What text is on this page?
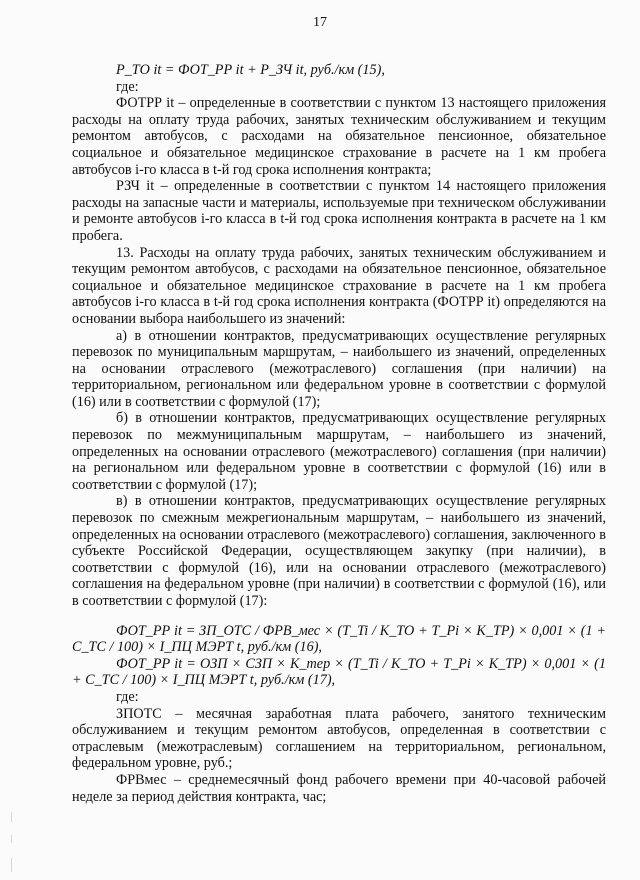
17

Р_ТО it = ФОТ_РР it + Р_ЗЧ it, руб./км (15),

где:

ФОТРР it – определенные в соответствии с пунктом 13 настоящего приложения расходы на оплату труда рабочих, занятых техническим обслуживанием и текущим ремонтом автобусов, с расходами на обязательное пенсионное, обязательное социальное и обязательное медицинское страхование в расчете на 1 км пробега автобусов i-го класса в t-й год срока исполнения контракта;

РЗЧ it – определенные в соответствии с пунктом 14 настоящего приложения расходы на запасные части и материалы, используемые при техническом обслуживании и ремонте автобусов i-го класса в t-й год срока исполнения контракта в расчете на 1 км пробега.

13. Расходы на оплату труда рабочих, занятых техническим обслуживанием и текущим ремонтом автобусов, с расходами на обязательное пенсионное, обязательное социальное и обязательное медицинское страхование в расчете на 1 км пробега автобусов i-го класса в t-й год срока исполнения контракта (ФОТРР it) определяются на основании выбора наибольшего из значений:

а) в отношении контрактов, предусматривающих осуществление регулярных перевозок по муниципальным маршрутам, – наибольшего из значений, определенных на основании отраслевого (межотраслевого) соглашения (при наличии) на территориальном, региональном или федеральном уровне в соответствии с формулой (16) или в соответствии с формулой (17);

б) в отношении контрактов, предусматривающих осуществление регулярных перевозок по межмуниципальным маршрутам, – наибольшего из значений, определенных на основании отраслевого (межотраслевого) соглашения (при наличии) на региональном или федеральном уровне в соответствии с формулой (16) или в соответствии с формулой (17);

в) в отношении контрактов, предусматривающих осуществление регулярных перевозок по смежным межрегиональным маршрутам, – наибольшего из значений, определенных на основании отраслевого (межотраслевого) соглашения, заключенного в субъекте Российской Федерации, осуществляющем закупку (при наличии), в соответствии с формулой (16), или на основании отраслевого (межотраслевого) соглашения на федеральном уровне (при наличии) в соответствии с формулой (16), или в соответствии с формулой (17):

ФОТ_РР it = ЗП_ОТС / ФРВ_мес × (T_Ti / K_TO + T_Pi × K_TP) × 0,001 × (1 + C_TC / 100) × I_ПЦ МЭРТ t, руб./км (16),

ФОТ_РР it = ОЗП × СЗП × K_тер × (T_Ti / K_TO + T_Pi × K_TP) × 0,001 × (1 + C_TC / 100) × I_ПЦ МЭРТ t, руб./км (17),

где:

ЗПОТС – месячная заработная плата рабочего, занятого техническим обслуживанием и текущим ремонтом автобусов, определенная в соответствии с отраслевым (межотраслевым) соглашением на территориальном, региональном, федеральном уровне, руб.;

ФРВмес – среднемесячный фонд рабочего времени при 40-часовой рабочей неделе за период действия контракта, час;
